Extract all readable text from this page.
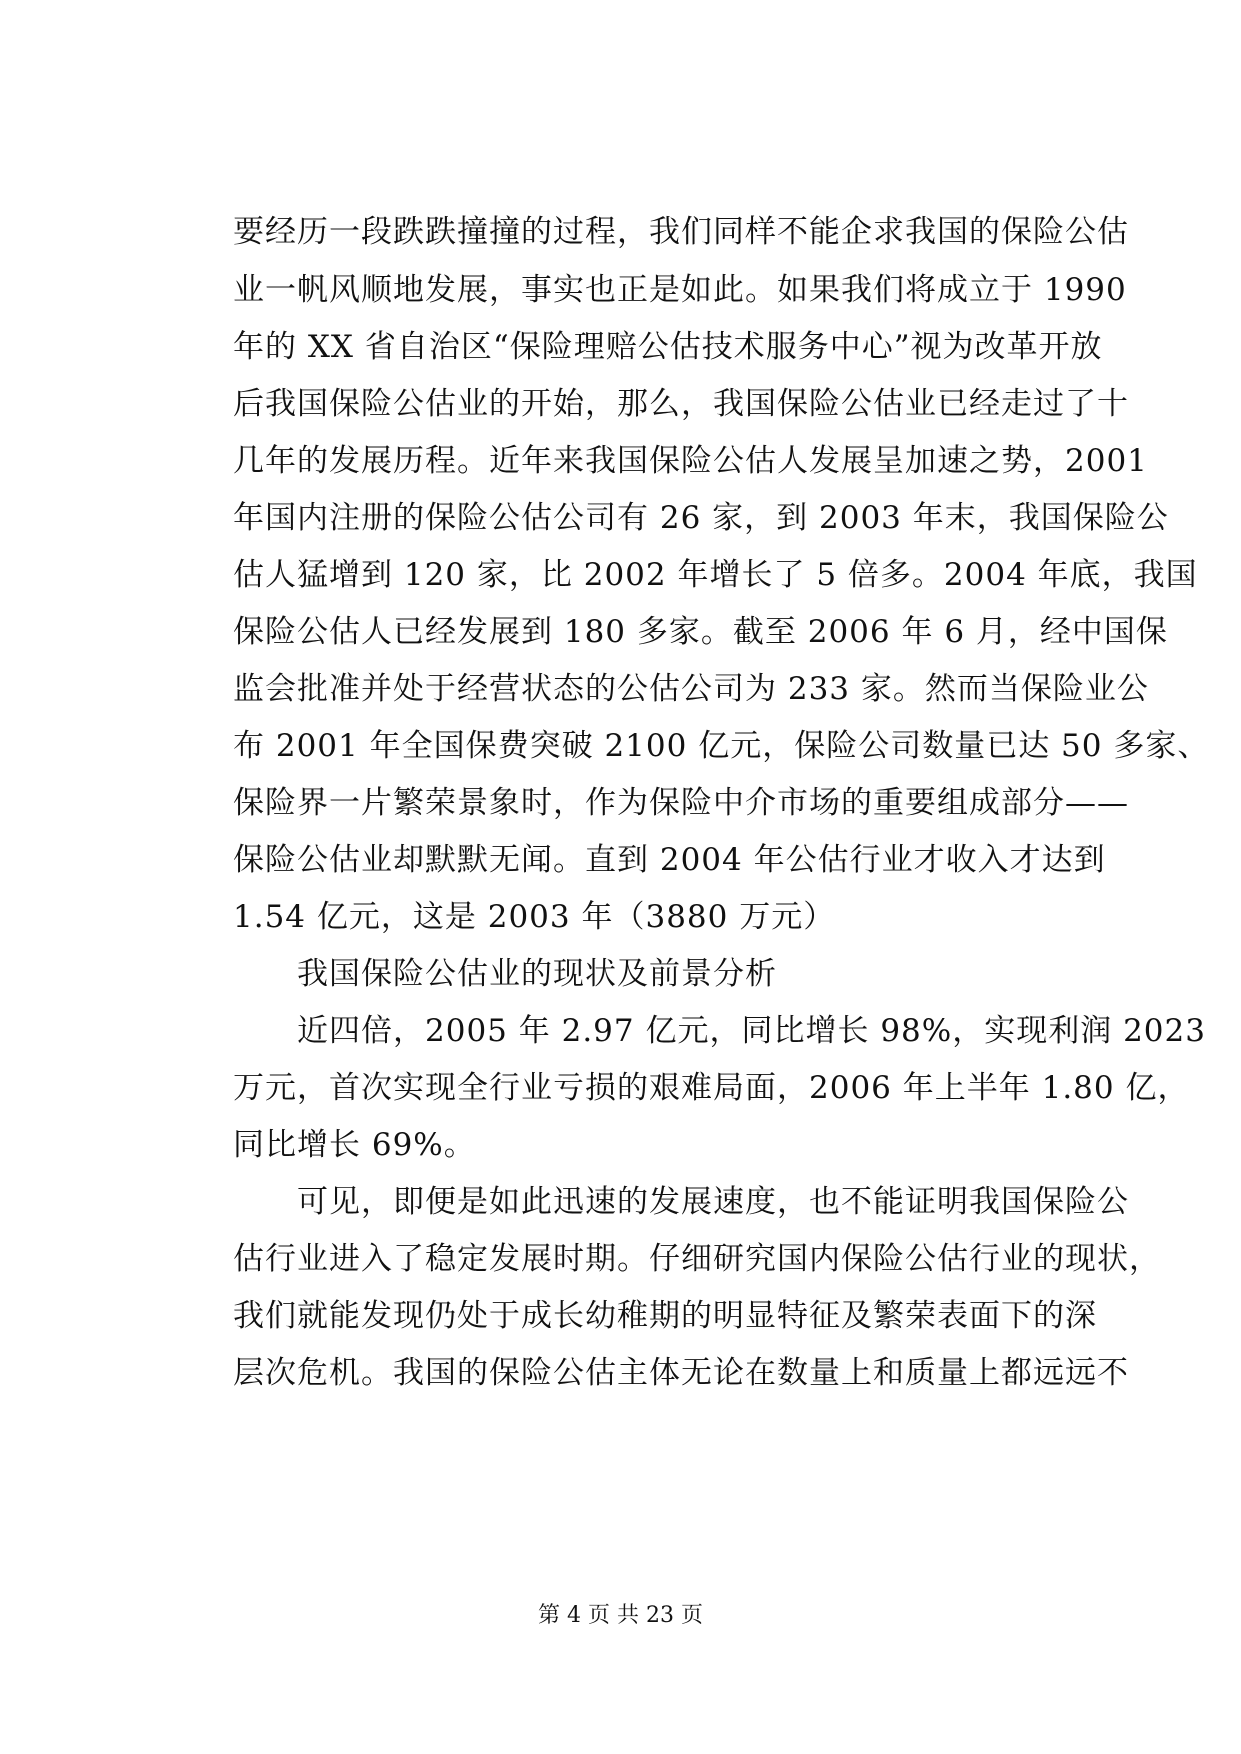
要经历一段跌跌撞撞的过程，我们同样不能企求我国的保险公估
业一帆风顺地发展，事实也正是如此。如果我们将成立于 1990
年的 XX 省自治区“保险理赔公估技术服务中心”视为改革开放
后我国保险公估业的开始，那么，我国保险公估业已经走过了十
几年的发展历程。近年来我国保险公估人发展呈加速之势，2001
年国内注册的保险公估公司有 26 家，到 2003 年末，我国保险公
估人猛增到 120 家，比 2002 年增长了 5 倍多。2004 年底，我国
保险公估人已经发展到 180 多家。截至 2006 年 6 月，经中国保
监会批准并处于经营状态的公估公司为 233 家。然而当保险业公
布 2001 年全国保费突破 2100 亿元，保险公司数量已达 50 多家、
保险界一片繁荣景象时，作为保险中介市场的重要组成部分——
保险公估业却默默无闻。直到 2004 年公估行业才收入才达到
1.54 亿元，这是 2003 年（3880 万元）
　　我国保险公估业的现状及前景分析
　　近四倍，2005 年 2.97 亿元，同比增长 98%，实现利润 2023
万元，首次实现全行业亏损的艰难局面，2006 年上半年 1.80 亿，
同比增长 69%。
　　可见，即便是如此迅速的发展速度，也不能证明我国保险公
估行业进入了稳定发展时期。仔细研究国内保险公估行业的现状，
我们就能发现仍处于成长幼稚期的明显特征及繁荣表面下的深
层次危机。我国的保险公估主体无论在数量上和质量上都远远不
第 4 页 共 23 页
